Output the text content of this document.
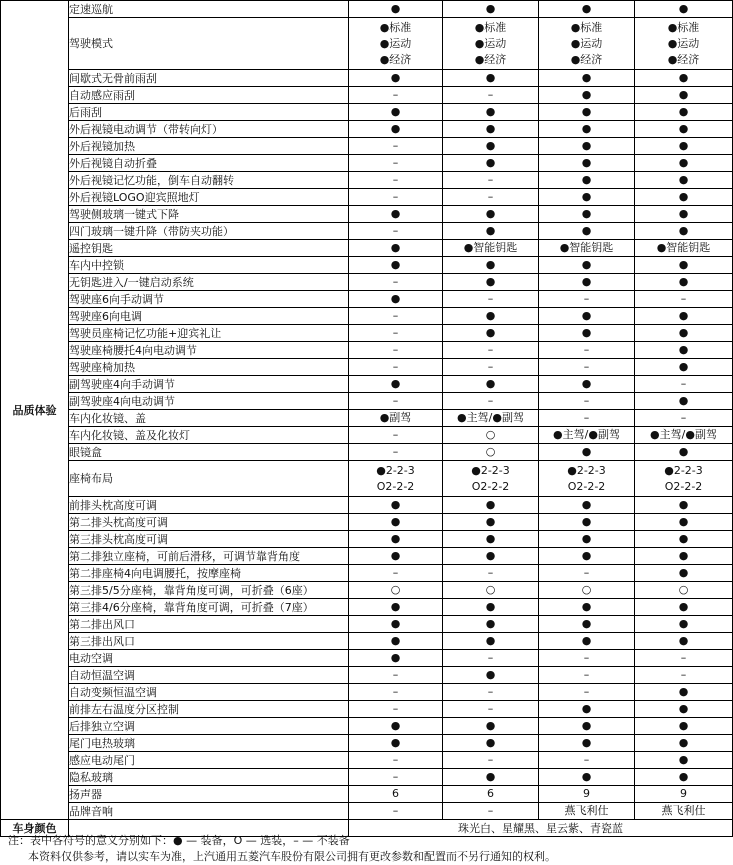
品质体验	定速巡航	●	●	●	●

	驾驶模式	●标准
●运动
●经济	●标准
●运动
●经济	●标准
●运动
●经济	●标准
●运动
●经济

	间歇式无骨前雨刮	●	●	●	●

	自动感应雨刮	–	–	●	●

	后雨刮	●	●	●	●

	外后视镜电动调节（带转向灯）	●	●	●	●

	外后视镜加热	–	●	●	●

	外后视镜自动折叠	–	●	●	●

	外后视镜记忆功能，倒车自动翻转	–	–	●	●

	外后视镜LOGO迎宾照地灯	–	–	●	●

	驾驶侧玻璃一键式下降	●	●	●	●

	四门玻璃一键升降（带防夹功能）	–	●	●	●

	遥控钥匙	●	●智能钥匙	●智能钥匙	●智能钥匙

	车内中控锁	●	●	●	●

	无钥匙进入/一键启动系统	–	●	●	●

	驾驶座6向手动调节	●	–	–	–

	驾驶座6向电调	–	●	●	●

	驾驶员座椅记忆功能+迎宾礼让	–	●	●	●

	驾驶座椅腰托4向电动调节	–	–	–	●

	驾驶座椅加热	–	–	–	●

	副驾驶座4向手动调节	●	●	●	–

	副驾驶座4向电动调节	–	–	–	●

	车内化妆镜、盖	●副驾	●主驾/●副驾	–	–

	车内化妆镜、盖及化妆灯	–	○	●主驾/●副驾	●主驾/●副驾

	眼镜盒	–	○	●	●

	座椅布局	●2-2-3
O2-2-2	●2-2-3
O2-2-2	●2-2-3
O2-2-2	●2-2-3
O2-2-2

	前排头枕高度可调	●	●	●	●

	第二排头枕高度可调	●	●	●	●

	第三排头枕高度可调	●	●	●	●

	第二排独立座椅，可前后滑移，可调节靠背角度	●	●	●	●

	第二排座椅4向电调腰托，按摩座椅	–	–	–	●

	第三排5/5分座椅，靠背角度可调，可折叠（6座）	○	○	○	○

	第三排4/6分座椅，靠背角度可调，可折叠（7座）	●	●	●	●

	第二排出风口	●	●	●	●

	第三排出风口	●	●	●	●

	电动空调	●	–	–	–

	自动恒温空调	–	●	–	–

	自动变频恒温空调	–	–	–	●

	前排左右温度分区控制	–	–	●	●

	后排独立空调	●	●	●	●

	尾门电热玻璃	●	●	●	●

	感应电动尾门	–	–	–	●

	隐私玻璃	–	●	●	●

	扬声器	6	6	9	9

	品牌音响	–	–	燕飞利仕	燕飞利仕

车身颜色		珠光白、星耀黑、星云紫、青瓷蓝			
注：表中各符号的意义分别如下：● — 装备，O — 选装，– — 不装备
本资料仅供参考，请以实车为准，上汽通用五菱汽车股份有限公司拥有更改参数和配置而不另行通知的权利。
